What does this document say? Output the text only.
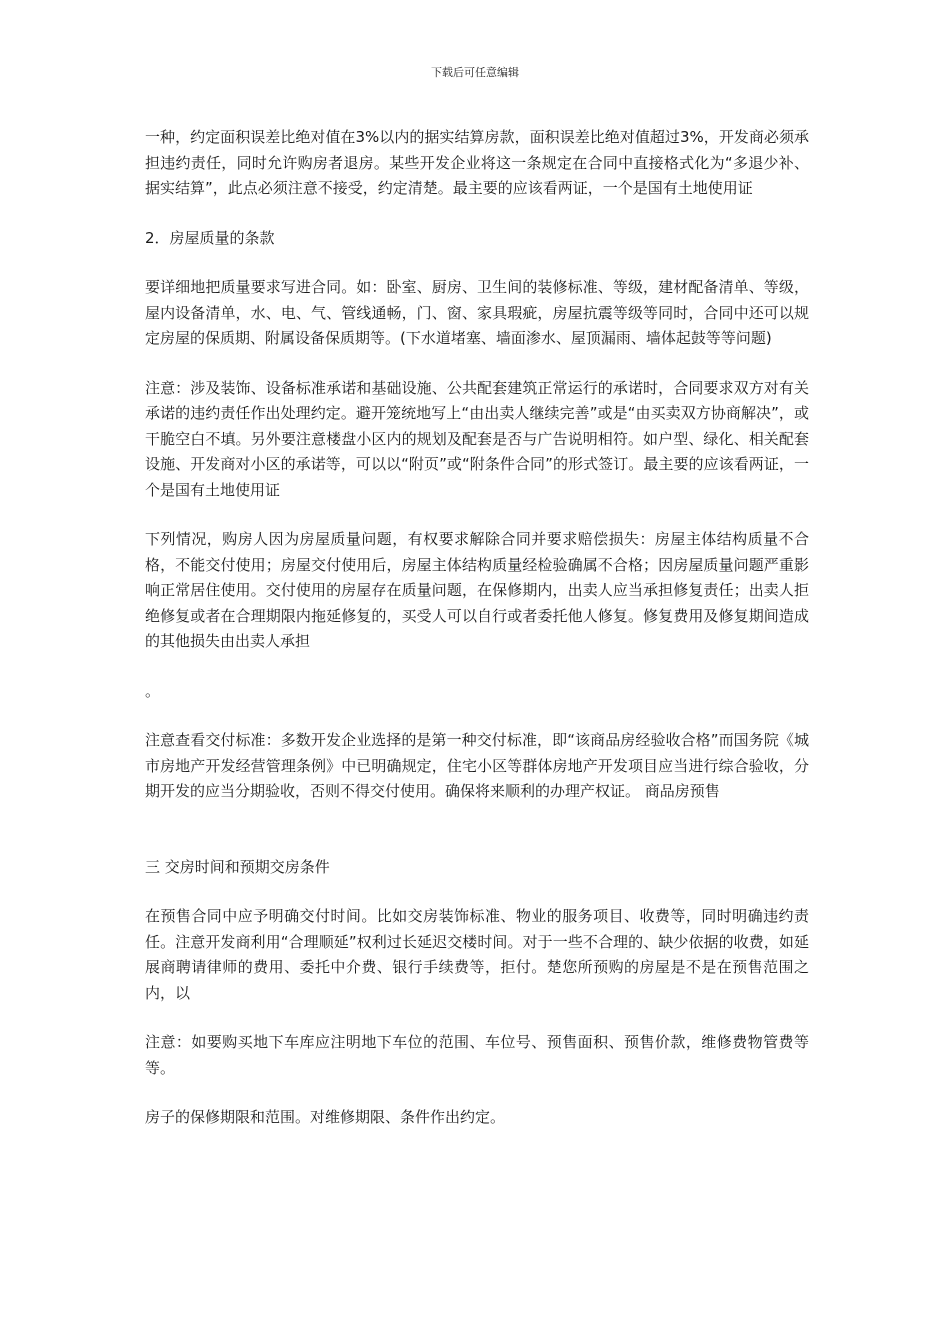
下载后可任意编辑

一种，约定面积误差比绝对值在3%以内的据实结算房款，面积误差比绝对值超过3%，开发商必须承担违约责任，同时允许购房者退房。某些开发企业将这一条规定在合同中直接格式化为“多退少补、据实结算”，此点必须注意不接受，约定清楚。最主要的应该看两证，一个是国有土地使用证

2．房屋质量的条款

要详细地把质量要求写进合同。如：卧室、厨房、卫生间的装修标准、等级，建材配备清单、等级，屋内设备清单，水、电、气、管线通畅，门、窗、家具瑕疵，房屋抗震等级等同时，合同中还可以规定房屋的保质期、附属设备保质期等。(下水道堵塞、墙面渗水、屋顶漏雨、墙体起鼓等等问题)

注意：涉及装饰、设备标准承诺和基础设施、公共配套建筑正常运行的承诺时，合同要求双方对有关承诺的违约责任作出处理约定。避开笼统地写上“由出卖人继续完善”或是“由买卖双方协商解决”，或干脆空白不填。另外要注意楼盘小区内的规划及配套是否与广告说明相符。如户型、绿化、相关配套设施、开发商对小区的承诺等，可以以“附页”或“附条件合同”的形式签订。最主要的应该看两证，一个是国有土地使用证

下列情况，购房人因为房屋质量问题，有权要求解除合同并要求赔偿损失：房屋主体结构质量不合格，不能交付使用；房屋交付使用后，房屋主体结构质量经检验确属不合格；因房屋质量问题严重影响正常居住使用。交付使用的房屋存在质量问题，在保修期内，出卖人应当承担修复责任；出卖人拒绝修复或者在合理期限内拖延修复的，买受人可以自行或者委托他人修复。修复费用及修复期间造成的其他损失由出卖人承担

。

注意查看交付标准：多数开发企业选择的是第一种交付标准，即“该商品房经验收合格”而国务院《城市房地产开发经营管理条例》中已明确规定，住宅小区等群体房地产开发项目应当进行综合验收，分期开发的应当分期验收，否则不得交付使用。确保将来顺利的办理产权证。 商品房预售

三 交房时间和预期交房条件

在预售合同中应予明确交付时间。比如交房装饰标准、物业的服务项目、收费等，同时明确违约责任。注意开发商利用“合理顺延”权利过长延迟交楼时间。对于一些不合理的、缺少依据的收费，如延展商聘请律师的费用、委托中介费、银行手续费等，拒付。楚您所预购的房屋是不是在预售范围之内，以

注意：如要购买地下车库应注明地下车位的范围、车位号、预售面积、预售价款，维修费物管费等等。

房子的保修期限和范围。对维修期限、条件作出约定。
